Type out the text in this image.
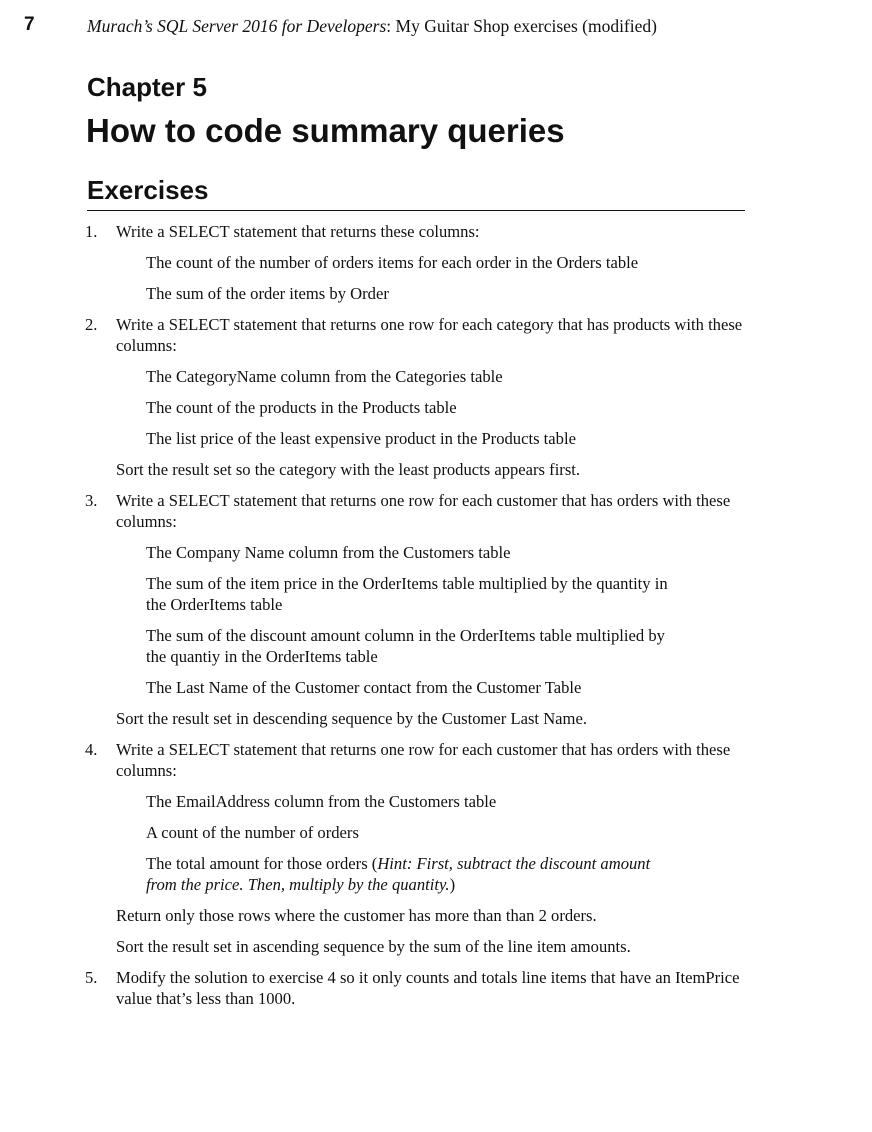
7	Murach’s SQL Server 2016 for Developers: My Guitar Shop exercises (modified)
Chapter 5
How to code summary queries
Exercises
1. Write a SELECT statement that returns these columns:

The count of the number of orders items for each order in the Orders table

The sum of the order items by Order

2. Write a SELECT statement that returns one row for each category that has products with these columns:

The CategoryName column from the Categories table

The count of the products in the Products table

The list price of the least expensive product in the Products table

Sort the result set so the category with the least products appears first.

3. Write a SELECT statement that returns one row for each customer that has orders with these columns:

The Company Name column from the Customers table

The sum of the item price in the OrderItems table multiplied by the quantity in the OrderItems table

The sum of the discount amount column in the OrderItems table multiplied by the quantiy in the OrderItems table

The Last Name of the Customer contact from the Customer Table

Sort the result set in descending sequence by the Customer Last Name.

4. Write a SELECT statement that returns one row for each customer that has orders with these columns:

The EmailAddress column from the Customers table

A count of the number of orders

The total amount for those orders (Hint: First, subtract the discount amount from the price. Then, multiply by the quantity.)

Return only those rows where the customer has more than than 2 orders.

Sort the result set in ascending sequence by the sum of the line item amounts.

5. Modify the solution to exercise 4 so it only counts and totals line items that have an ItemPrice value that’s less than 1000.
